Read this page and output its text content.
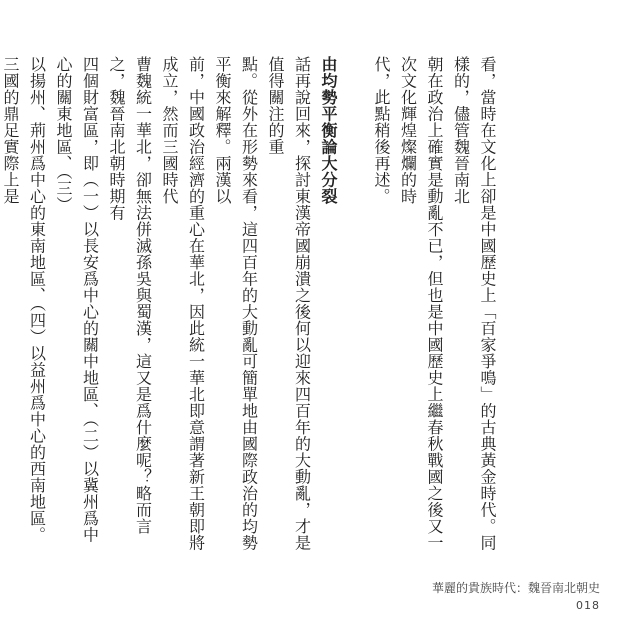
看，當時在文化上卻是中國歷史上「百家爭鳴」的古典黃金時代。同樣的，儘管魏晉南北
朝在政治上確實是動亂不已，但也是中國歷史上繼春秋戰國之後又一次文化輝煌燦爛的時
代，此點稍後再述。

由均勢平衡論大分裂

話再說回來，探討東漢帝國崩潰之後何以迎來四百年的大動亂，才是值得關注的重
點。從外在形勢來看，這四百年的大動亂可簡單地由國際政治的均勢平衡來解釋。兩漢以
前，中國政治經濟的重心在華北，因此統一華北即意謂著新王朝即將成立，然而三國時代
曹魏統一華北，卻無法併滅孫吳與蜀漢，這又是爲什麼呢？略而言之，魏晉南北朝時期有
四個財富區，即（一）以長安爲中心的關中地區、（二）以冀州爲中心的關東地區、（三）
以揚州、荊州爲中心的東南地區、（四）以益州爲中心的西南地區。三國的鼎足實際上是

華麗的貴族時代：魏晉南北朝史
018
